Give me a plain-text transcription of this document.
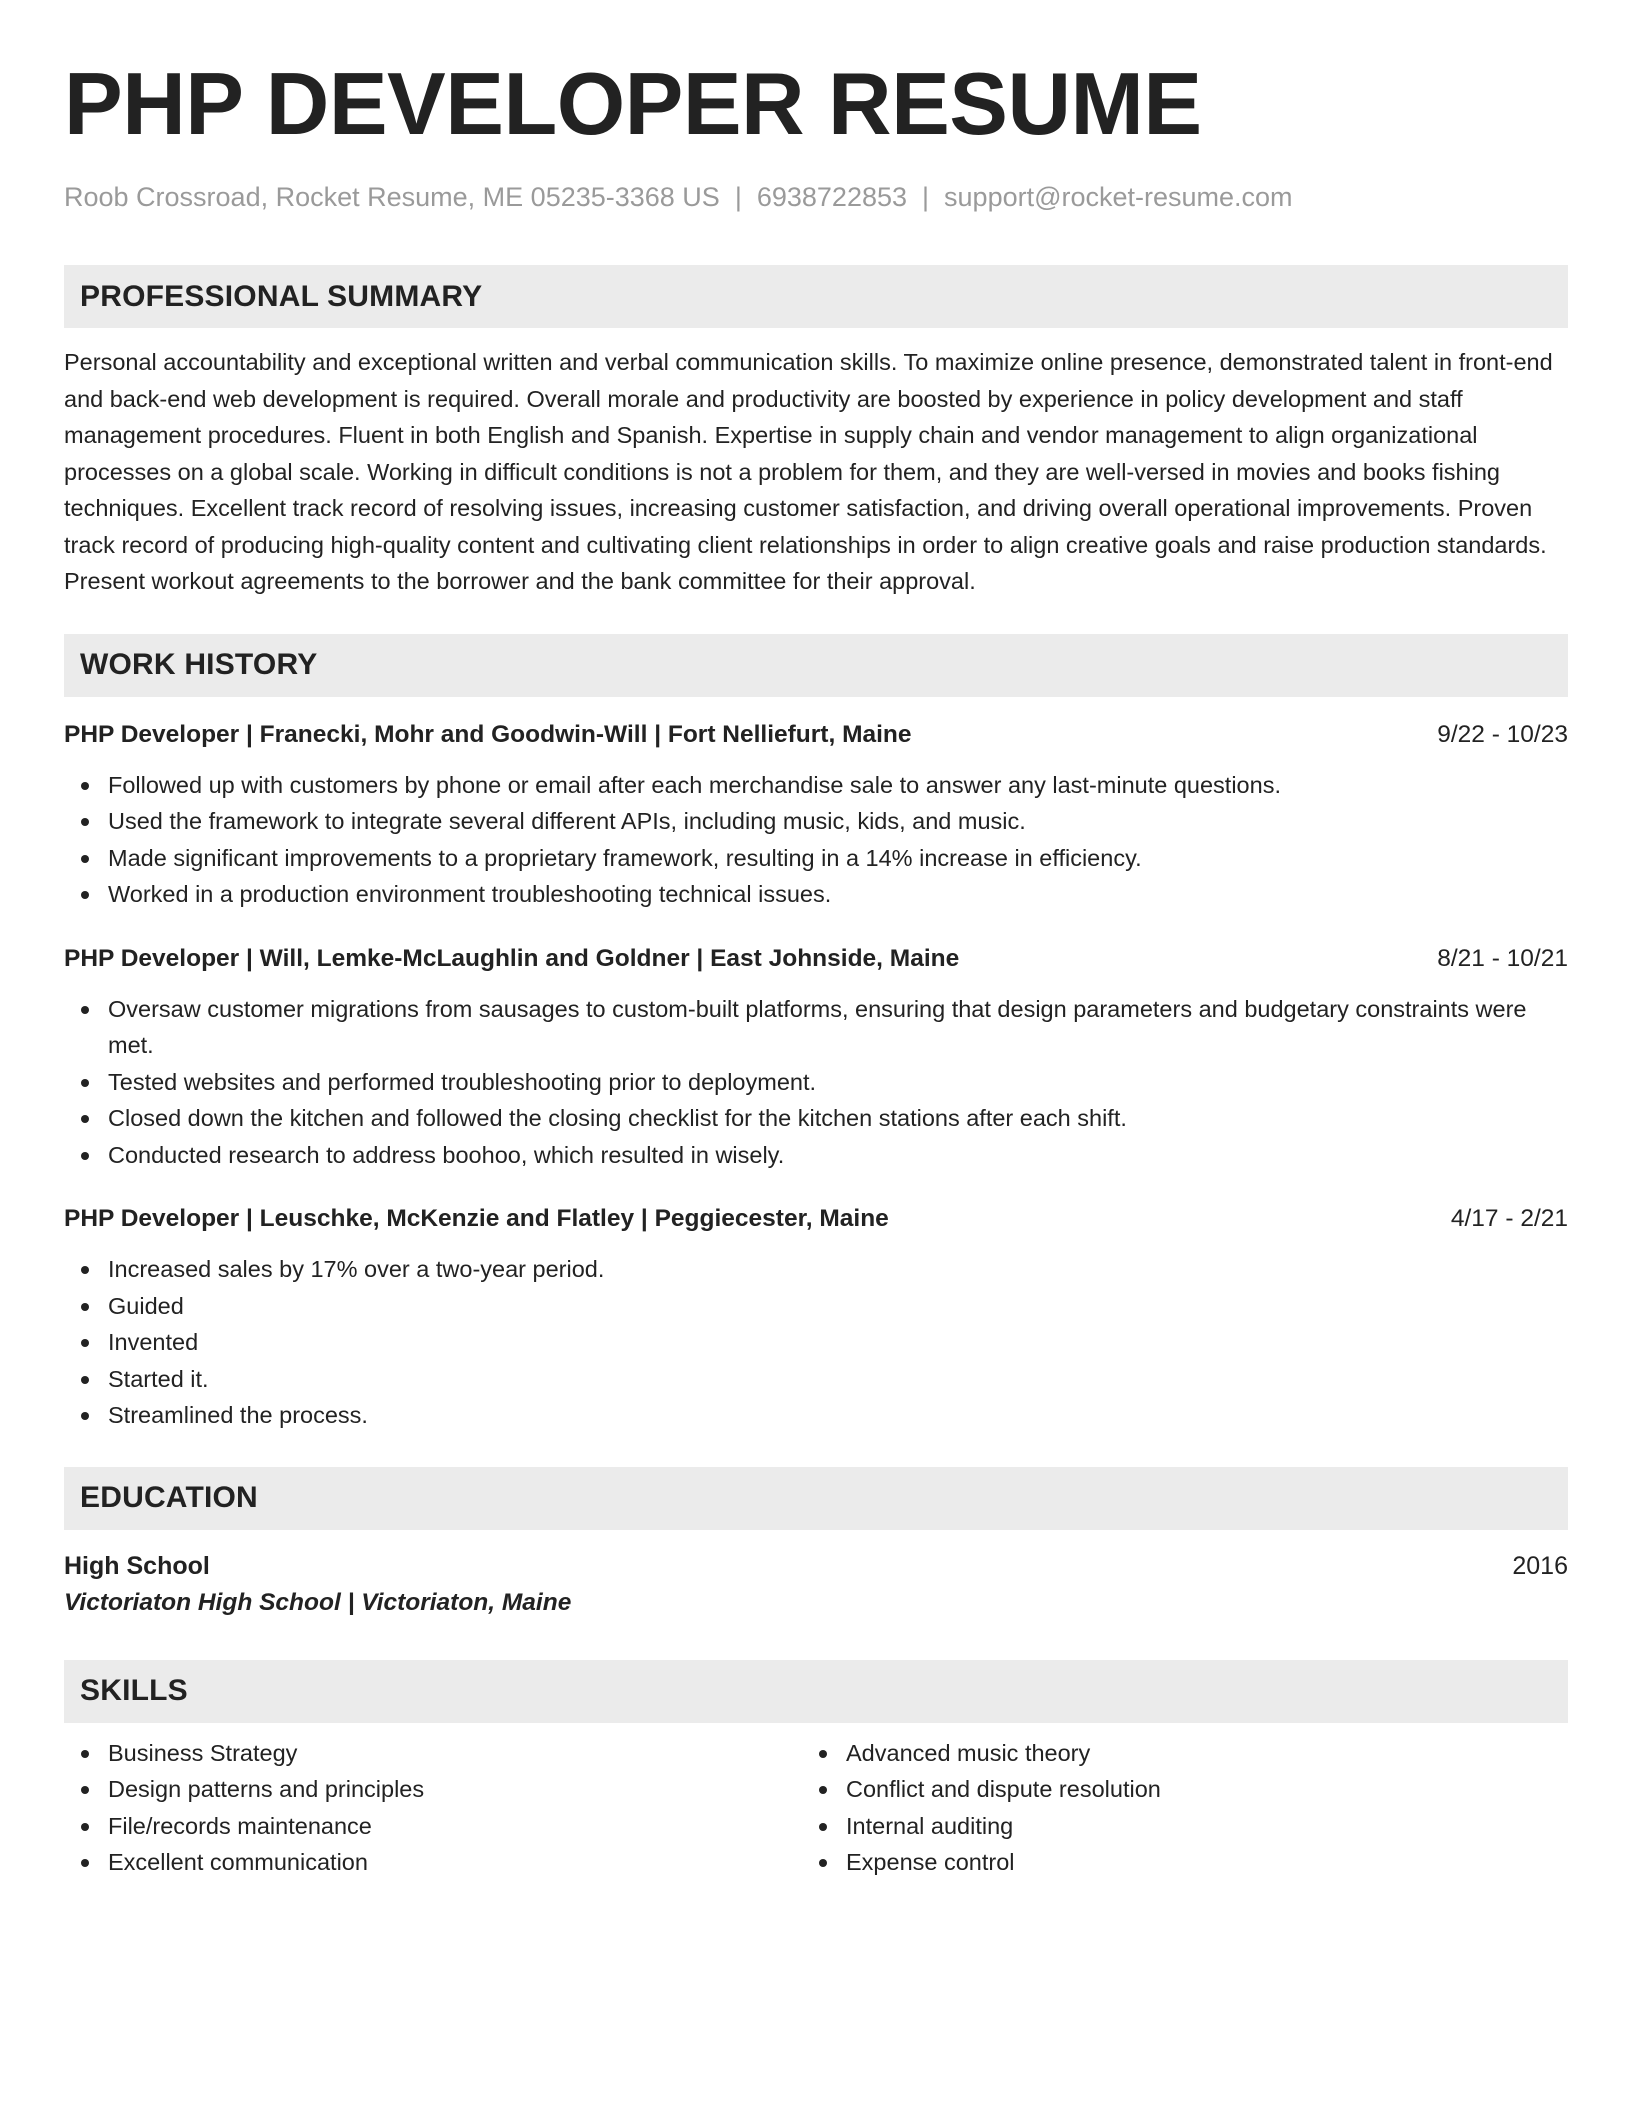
PHP DEVELOPER RESUME
Roob Crossroad, Rocket Resume, ME 05235-3368 US | 6938722853 | support@rocket-resume.com
PROFESSIONAL SUMMARY

Personal accountability and exceptional written and verbal communication skills. To maximize online presence, demonstrated talent in front-end and back-end web development is required. Overall morale and productivity are boosted by experience in policy development and staff management procedures. Fluent in both English and Spanish. Expertise in supply chain and vendor management to align organizational processes on a global scale. Working in difficult conditions is not a problem for them, and they are well-versed in movies and books fishing techniques. Excellent track record of resolving issues, increasing customer satisfaction, and driving overall operational improvements. Proven track record of producing high-quality content and cultivating client relationships in order to align creative goals and raise production standards. Present workout agreements to the borrower and the bank committee for their approval.

WORK HISTORY
PHP Developer | Franecki, Mohr and Goodwin-Will | Fort Nelliefurt, Maine	9/22 - 10/23
Followed up with customers by phone or email after each merchandise sale to answer any last-minute questions.
Used the framework to integrate several different APIs, including music, kids, and music.
Made significant improvements to a proprietary framework, resulting in a 14% increase in efficiency.
Worked in a production environment troubleshooting technical issues.
PHP Developer | Will, Lemke-McLaughlin and Goldner | East Johnside, Maine	8/21 - 10/21
Oversaw customer migrations from sausages to custom-built platforms, ensuring that design parameters and budgetary constraints were met.
Tested websites and performed troubleshooting prior to deployment.
Closed down the kitchen and followed the closing checklist for the kitchen stations after each shift.
Conducted research to address boohoo, which resulted in wisely.
PHP Developer | Leuschke, McKenzie and Flatley | Peggiecester, Maine	4/17 - 2/21
Increased sales by 17% over a two-year period.
Guided
Invented
Started it.
Streamlined the process.
EDUCATION
High School	2016
Victoriaton High School | Victoriaton, Maine
SKILLS
Business Strategy
Design patterns and principles
File/records maintenance
Excellent communication
Advanced music theory
Conflict and dispute resolution
Internal auditing
Expense control
